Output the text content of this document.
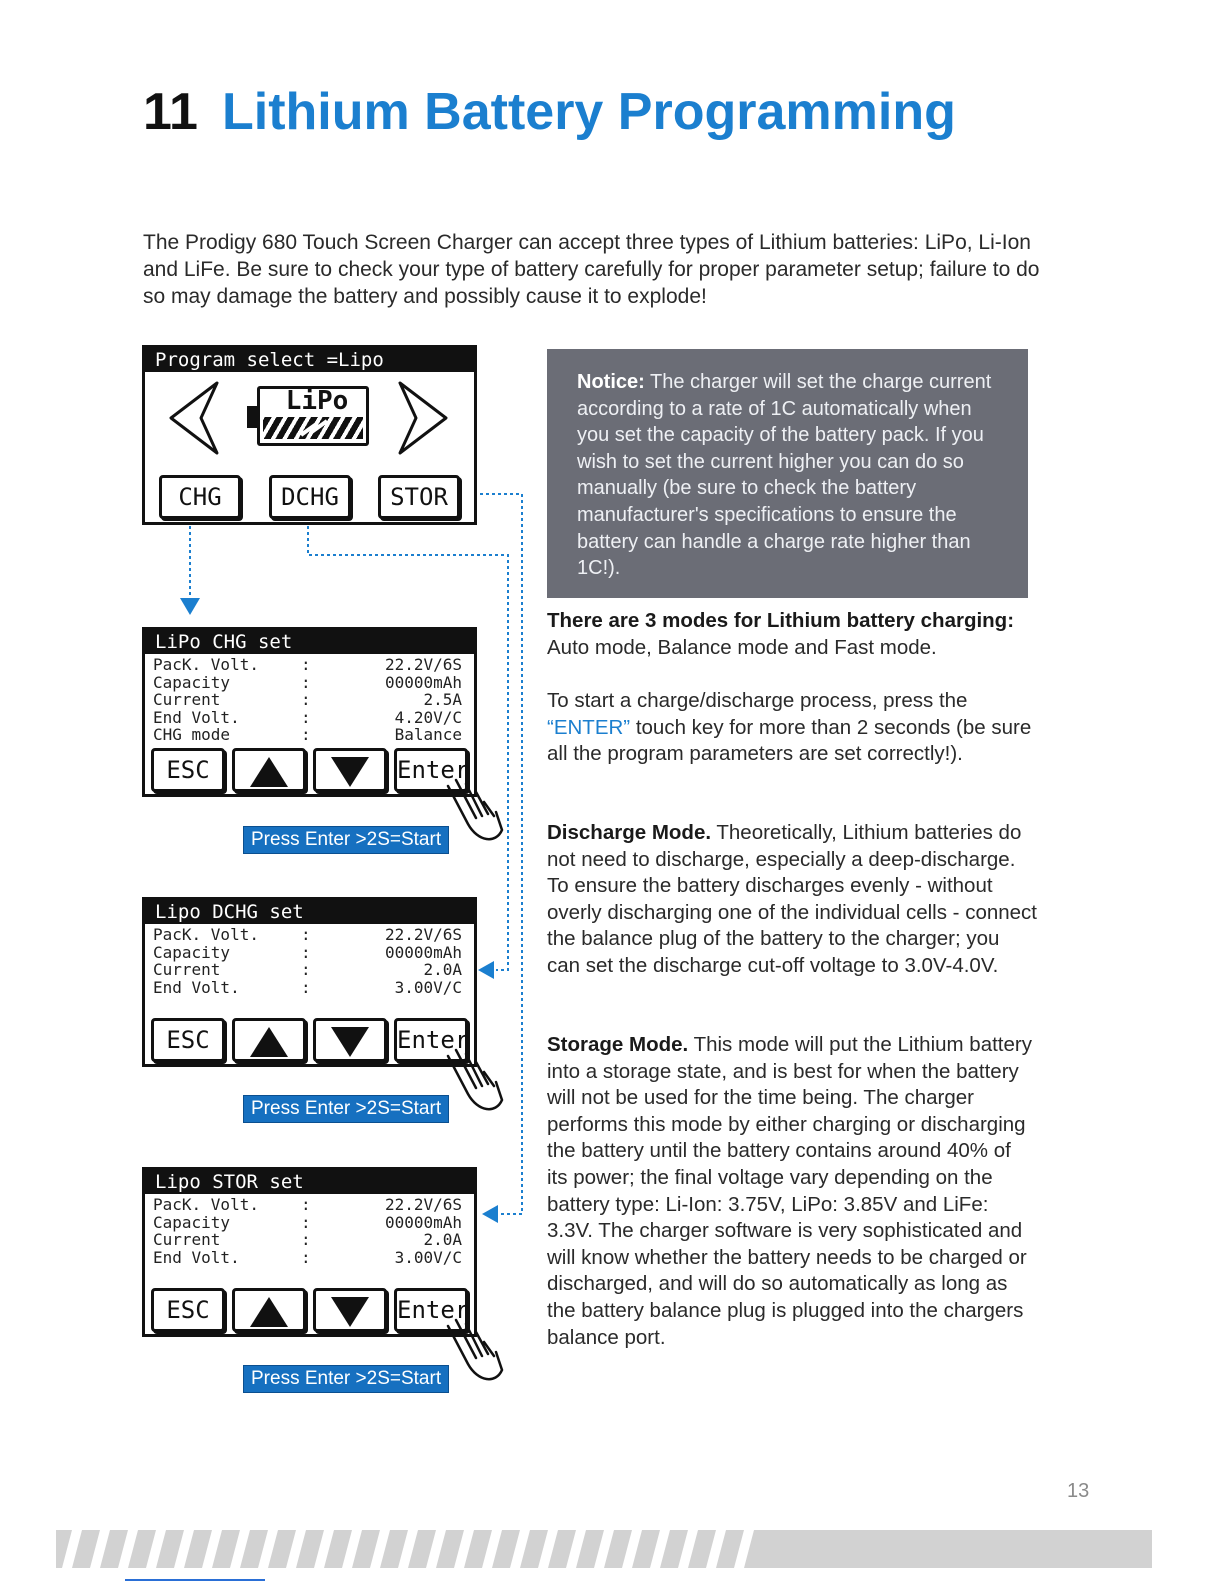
11 Lithium Battery Programming
The Prodigy 680 Touch Screen Charger can accept three types of Lithium batteries: LiPo, Li-Ion and LiFe. Be sure to check your type of battery carefully for proper parameter setup; failure to do so may damage the battery and possibly cause it to explode!
Program select =Lipo
LiPo
CHG	DCHG	STOR
LiPo CHG set
PacK. Volt.	:	22.2V/6S
Capacity	:	00000mAh
Current	:	2.5A
End Volt.	:	4.20V/C
CHG mode	:	Balance
ESC	Enter
Press Enter >2S=Start
Lipo DCHG set
PacK. Volt.	:	22.2V/6S
Capacity	:	00000mAh
Current	:	2.0A
End Volt.	:	3.00V/C
ESC	Enter
Press Enter >2S=Start
Lipo STOR set
PacK. Volt.	:	22.2V/6S
Capacity	:	00000mAh
Current	:	2.0A
End Volt.	:	3.00V/C
ESC	Enter
Press Enter >2S=Start
Notice: The charger will set the charge current according to a rate of 1C automatically when you set the capacity of the battery pack. If you wish to set the current higher you can do so manually (be sure to check the battery manufacturer's specifications to ensure the battery can handle a charge rate higher than 1C!).
There are 3 modes for Lithium battery charging:
Auto mode, Balance mode and Fast mode.
To start a charge/discharge process, press the “ENTER” touch key for more than 2 seconds (be sure all the program parameters are set correctly!).
Discharge Mode. Theoretically, Lithium batteries do not need to discharge, especially a deep-discharge. To ensure the battery discharges evenly - without overly discharging one of the individual cells - connect the balance plug of the battery to the charger; you can set the discharge cut-off voltage to 3.0V-4.0V.
Storage Mode. This mode will put the Lithium battery into a storage state, and is best for when the battery will not be used for the time being. The charger performs this mode by either charging or discharging the battery until the battery contains around 40% of its power; the final voltage vary depending on the battery type: Li-Ion: 3.75V, LiPo: 3.85V and LiFe: 3.3V. The charger software is very sophisticated and will know whether the battery needs to be charged or discharged, and will do so automatically as long as the battery balance plug is plugged into the chargers balance port.
13
